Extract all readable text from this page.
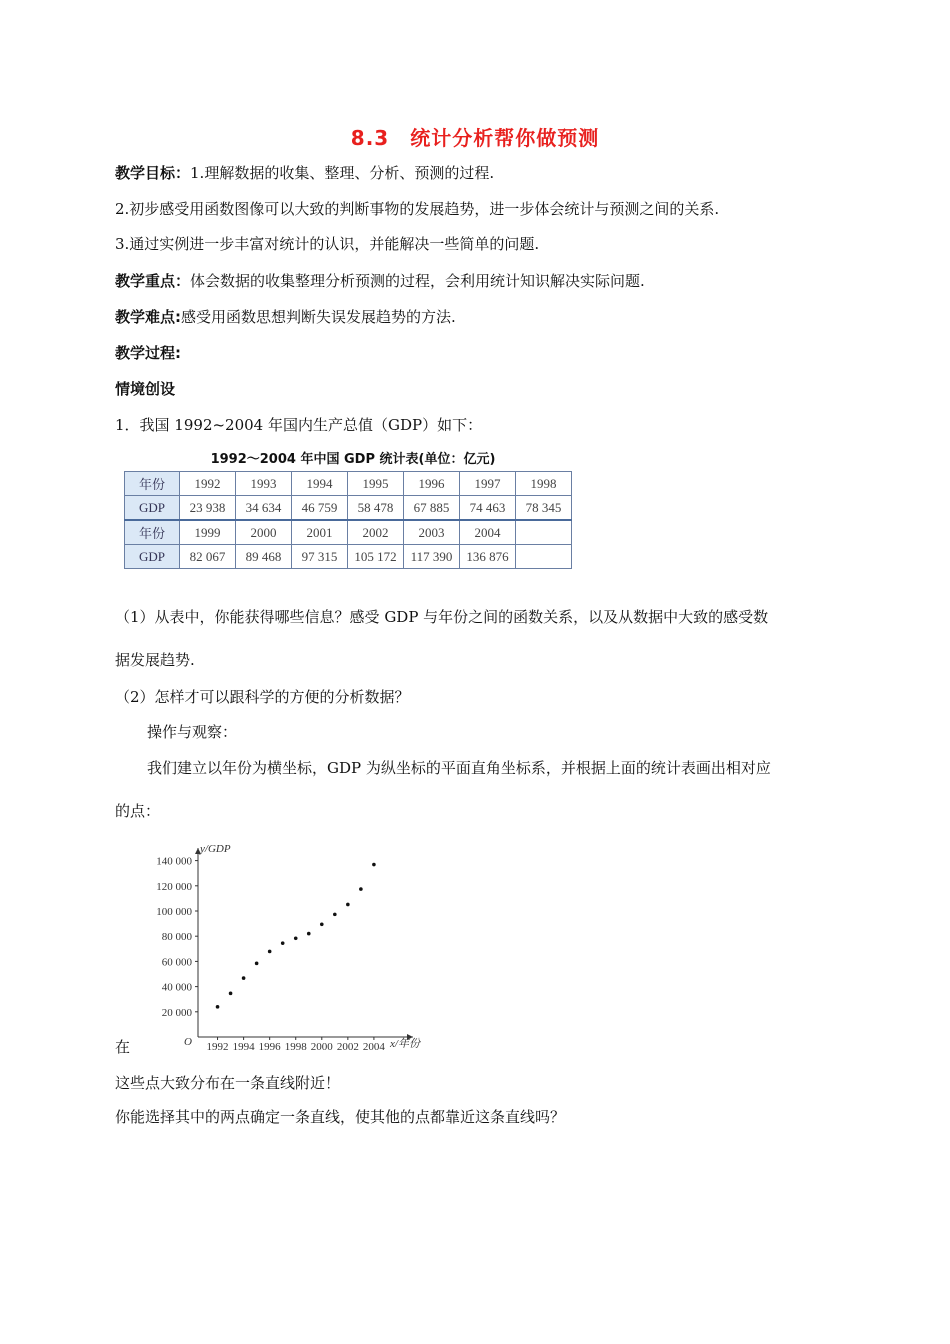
8.3　统计分析帮你做预测
教学目标：1.理解数据的收集、整理、分析、预测的过程.
2.初步感受用函数图像可以大致的判断事物的发展趋势，进一步体会统计与预测之间的关系.
3.通过实例进一步丰富对统计的认识，并能解决一些简单的问题.
教学重点：体会数据的收集整理分析预测的过程，会利用统计知识解决实际问题.
教学难点:感受用函数思想判断失误发展趋势的方法.
教学过程:
情境创设
1．我国 1992~2004 年国内生产总值（GDP）如下：
1992～2004 年中国 GDP 统计表(单位：亿元)
年份	1992	1993	1994	1995	1996	1997	1998
GDP	23 938	34 634	46 759	58 478	67 885	74 463	78 345
年份	1999	2000	2001	2002	2003	2004	
GDP	82 067	89 468	97 315	105 172	117 390	136 876	
（1）从表中，你能获得哪些信息？感受 GDP 与年份之间的函数关系，以及从数据中大致的感受数
据发展趋势.
（2）怎样才可以跟科学的方便的分析数据？
操作与观察：
我们建立以年份为横坐标，GDP 为纵坐标的平面直角坐标系，并根据上面的统计表画出相对应
的点：
在
y/GDP
x/年份
O
20 000
40 000
60 000
80 000
100 000
120 000
140 000
1992 1994 1996 1998 2000 2002 2004
这些点大致分布在一条直线附近！
你能选择其中的两点确定一条直线，使其他的点都靠近这条直线吗？
